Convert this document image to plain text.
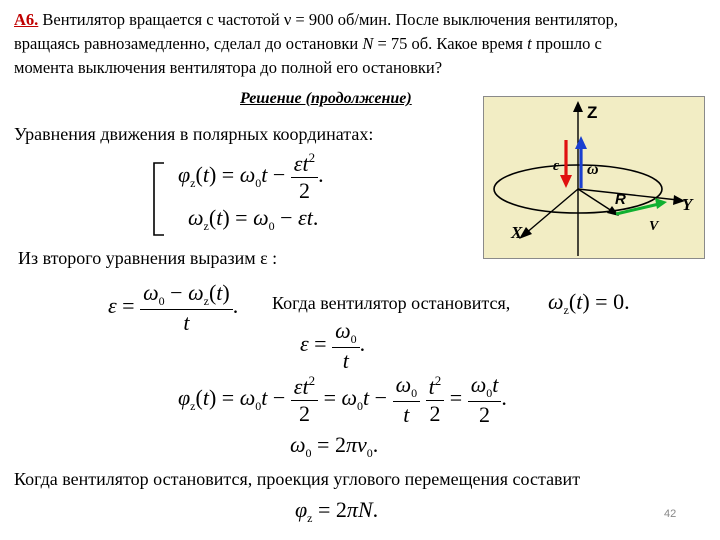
А6. Вентилятор вращается с частотой ν = 900 об/мин. После выключения вентилятор,
вращаясь равнозамедленно, сделал до остановки N = 75 об. Какое время t прошло с
момента выключения вентилятора до полной его остановки?
Решение (продолжение)
Уравнения движения в полярных координатах:
$\varphi_z(t) = \omega_0t - \frac{\varepsilon t^2}{2}$ .
$\omega_z(t) = \omega_0 - \varepsilon t$.
Из второго уравнения выразим ε :
$\varepsilon = \frac{\omega_0 - \omega_z(t)}{t}$ . Когда вентилятор остановится, $\omega_z(t) = 0$.
$\varepsilon = \frac{\omega_0}{t}$ .
$\varphi_z(t) = \omega_0t - \frac{\varepsilon t^2}{2} = \omega_0t - \frac{\omega_0}{t}$
$\frac{t^2}{2} = \frac{\omega_0t}{2}$ .
$\omega_0 = 2\pi\nu_0$.
Когда вентилятор остановится, проекция углового перемещения составит
$\varphi_z = 2\pi N$.	42
Z
ε ω
R	Y
X	V
